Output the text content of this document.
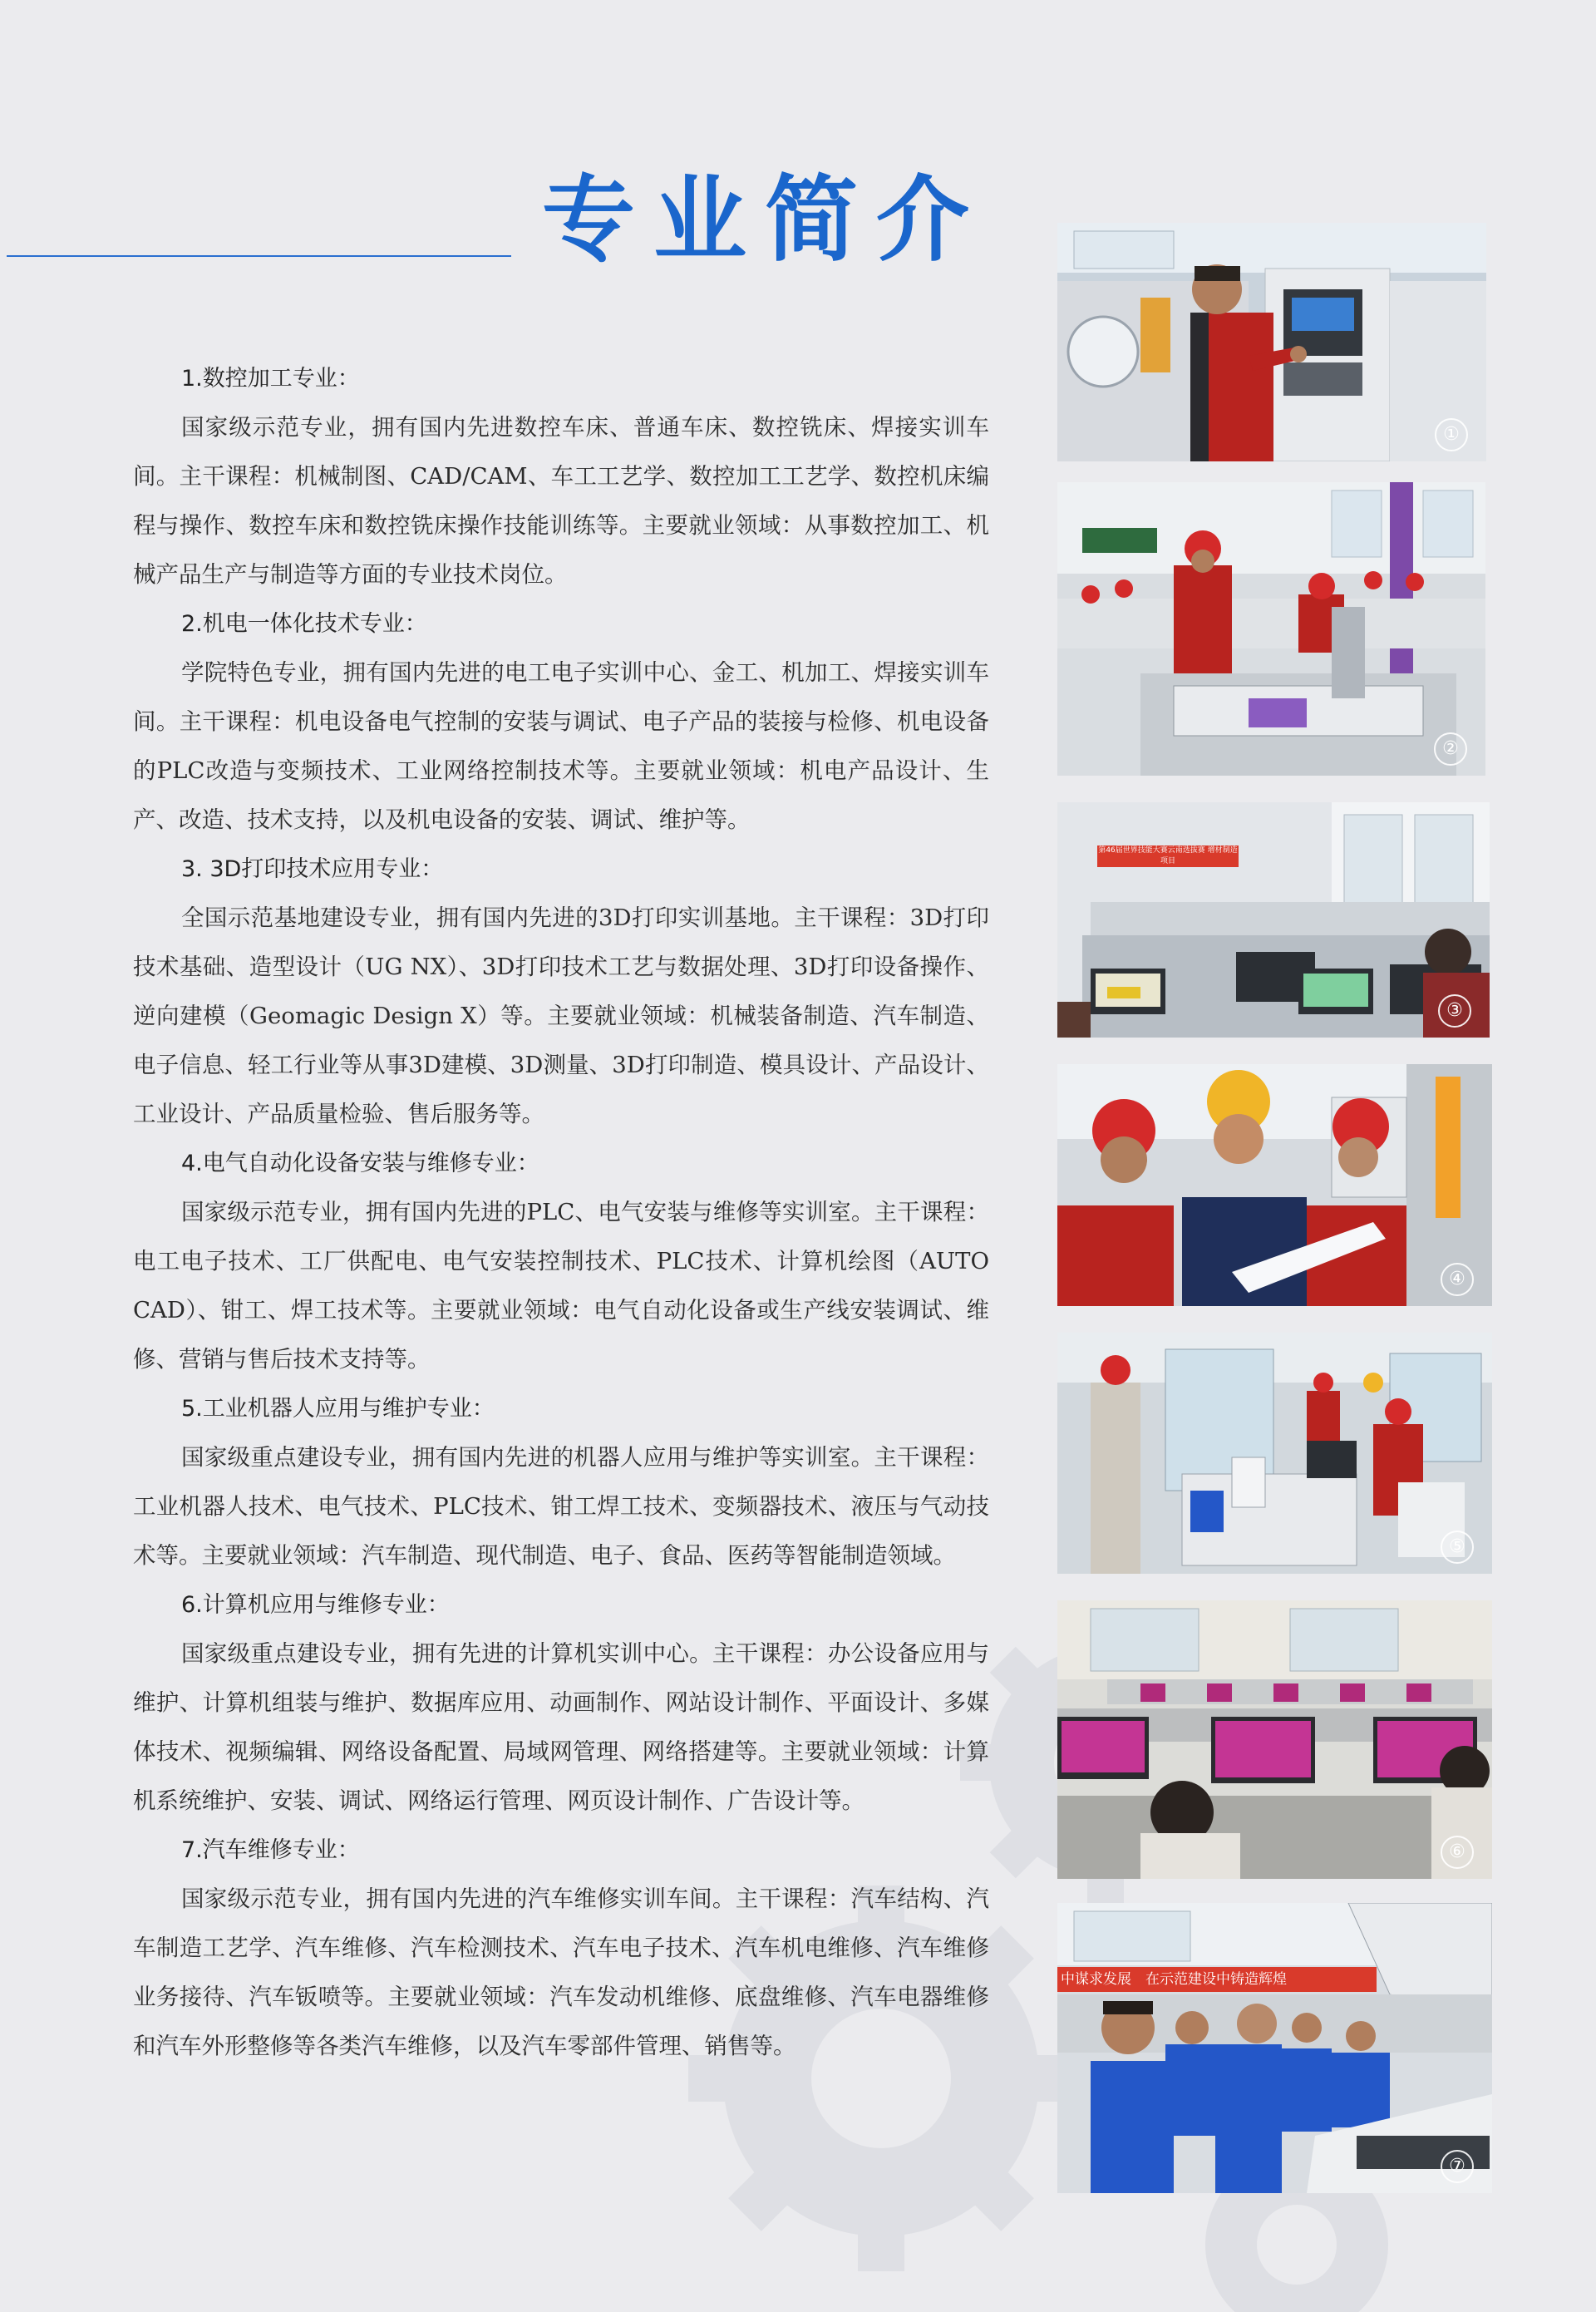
专业简介
1.数控加工专业：

国家级示范专业，拥有国内先进数控车床、普通车床、数控铣床、焊接实训车间。主干课程：机械制图、CAD/CAM、车工工艺学、数控加工工艺学、数控机床编程与操作、数控车床和数控铣床操作技能训练等。主要就业领域：从事数控加工、机械产品生产与制造等方面的专业技术岗位。

2.机电一体化技术专业：

学院特色专业，拥有国内先进的电工电子实训中心、金工、机加工、焊接实训车间。主干课程：机电设备电气控制的安装与调试、电子产品的装接与检修、机电设备的PLC改造与变频技术、工业网络控制技术等。主要就业领域：机电产品设计、生产、改造、技术支持，以及机电设备的安装、调试、维护等。

3. 3D打印技术应用专业：

全国示范基地建设专业，拥有国内先进的3D打印实训基地。主干课程：3D打印技术基础、造型设计（UG NX）、3D打印技术工艺与数据处理、3D打印设备操作、逆向建模（Geomagic Design X）等。主要就业领域：机械装备制造、汽车制造、电子信息、轻工行业等从事3D建模、3D测量、3D打印制造、模具设计、产品设计、工业设计、产品质量检验、售后服务等。

4.电气自动化设备安装与维修专业：

国家级示范专业，拥有国内先进的PLC、电气安装与维修等实训室。主干课程：电工电子技术、工厂供配电、电气安装控制技术、PLC技术、计算机绘图（AUTO CAD）、钳工、焊工技术等。主要就业领域：电气自动化设备或生产线安装调试、维修、营销与售后技术支持等。

5.工业机器人应用与维护专业：

国家级重点建设专业，拥有国内先进的机器人应用与维护等实训室。主干课程：工业机器人技术、电气技术、PLC技术、钳工焊工技术、变频器技术、液压与气动技术等。主要就业领域：汽车制造、现代制造、电子、食品、医药等智能制造领域。

6.计算机应用与维修专业：

国家级重点建设专业，拥有先进的计算机实训中心。主干课程：办公设备应用与维护、计算机组装与维护、数据库应用、动画制作、网站设计制作、平面设计、多媒体技术、视频编辑、网络设备配置、局域网管理、网络搭建等。主要就业领域：计算机系统维护、安装、调试、网络运行管理、网页设计制作、广告设计等。

7.汽车维修专业：

国家级示范专业，拥有国内先进的汽车维修实训车间。主干课程：汽车结构、汽车制造工艺学、汽车维修、汽车检测技术、汽车电子技术、汽车机电维修、汽车维修业务接待、汽车钣喷等。主要就业领域：汽车发动机维修、底盘维修、汽车电器维修和汽车外形整修等各类汽车维修，以及汽车零部件管理、销售等。

①
②
第46届世界技能大赛云南选拔赛 增材制造项目
③
④
⑤
⑥
中谋求发展　在示范建设中铸造辉煌
⑦
